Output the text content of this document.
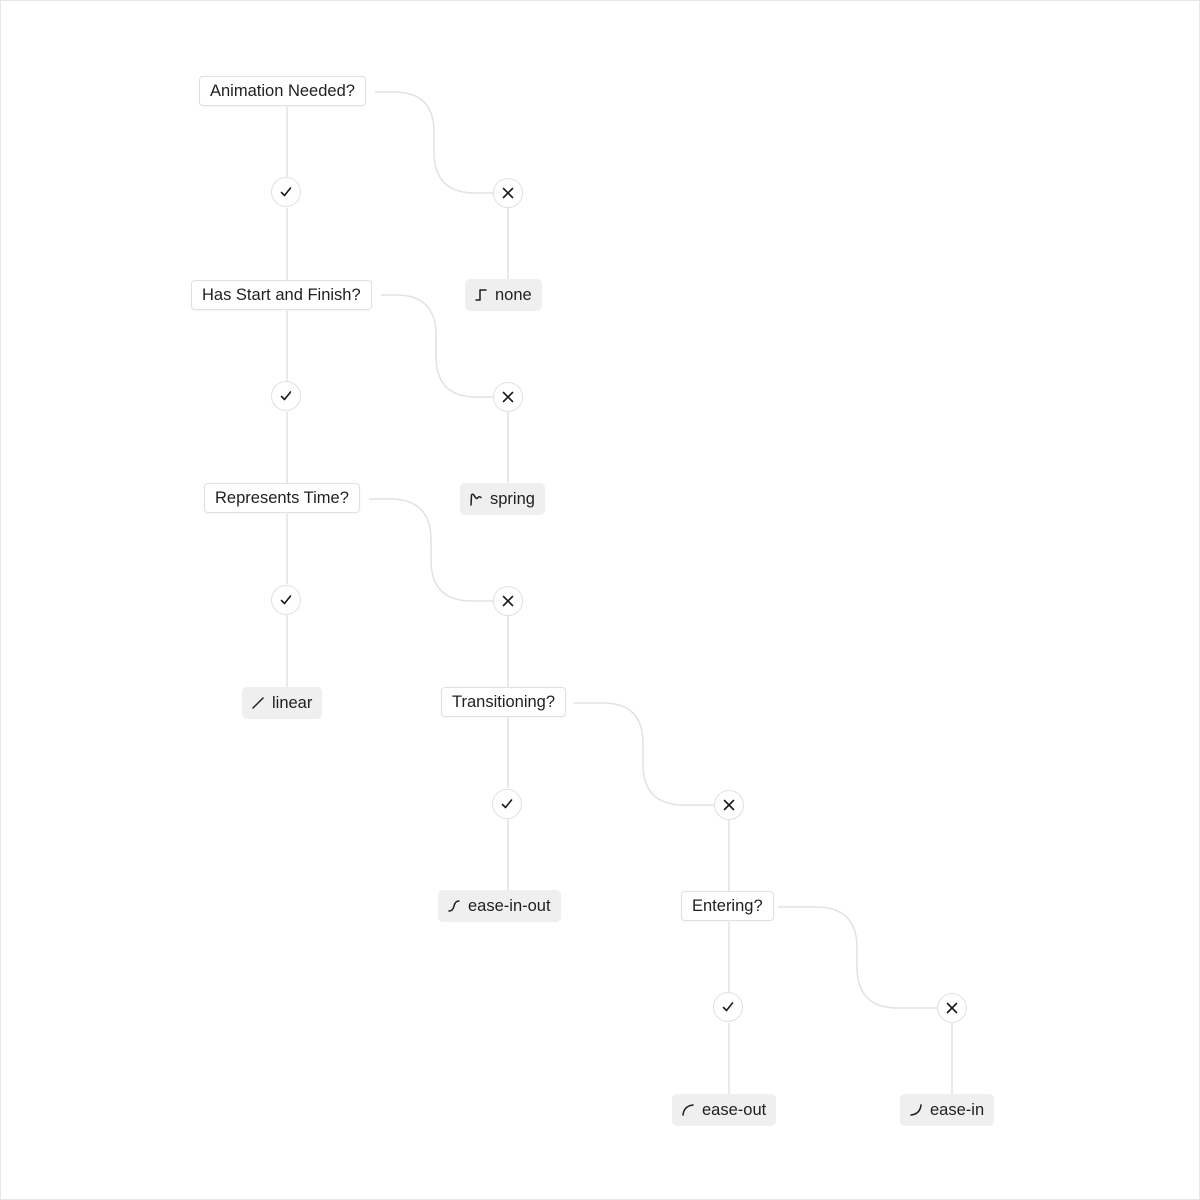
Animation Needed?
Has Start and Finish?
Represents Time?
Transitioning?
Entering?
none
spring
linear
ease-in-out
ease-out	ease-in
